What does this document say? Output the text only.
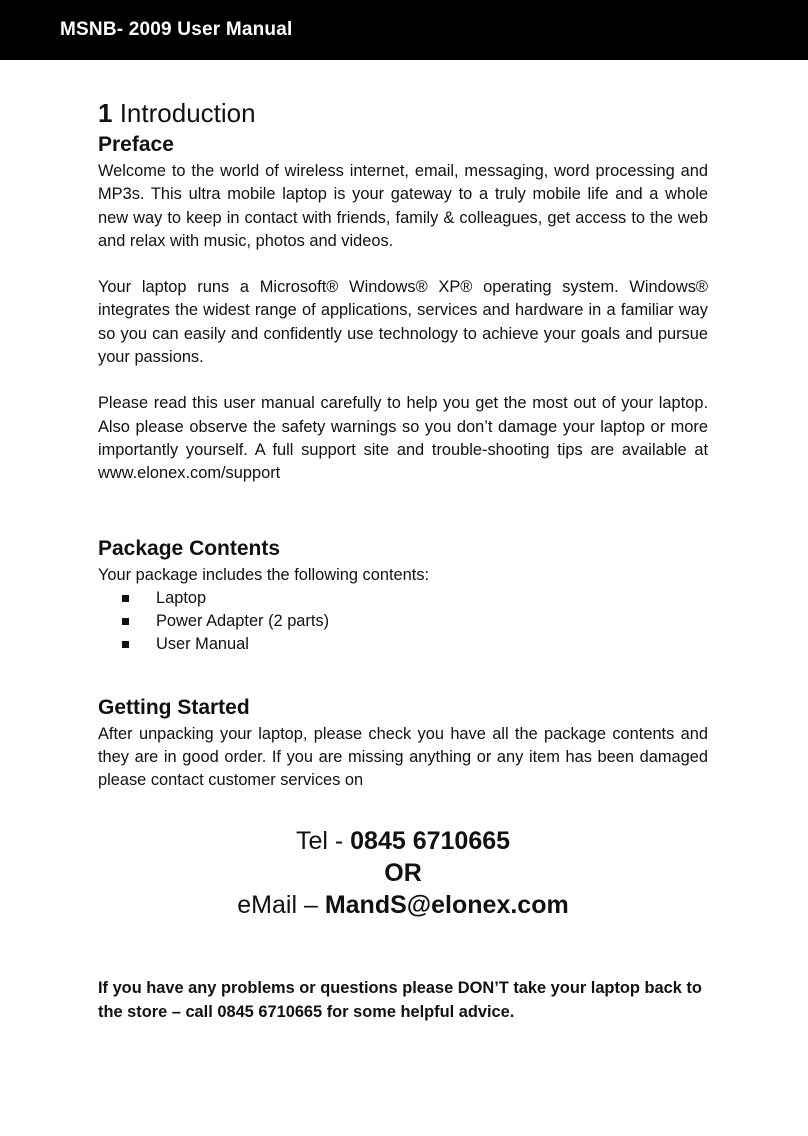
MSNB- 2009 User Manual
1 Introduction
Preface

Welcome to the world of wireless internet, email, messaging, word processing and MP3s. This ultra mobile laptop is your gateway to a truly mobile life and a whole new way to keep in contact with friends, family & colleagues, get access to the web and relax with music, photos and videos.

Your laptop runs a Microsoft® Windows® XP® operating system. Windows® integrates the widest range of applications, services and hardware in a familiar way so you can easily and confidently use technology to achieve your goals and pursue your passions.

Please read this user manual carefully to help you get the most out of your laptop. Also please observe the safety warnings so you don’t damage your laptop or more importantly yourself. A full support site and trouble-shooting tips are available at www.elonex.com/support

Package Contents

Your package includes the following contents:

Laptop
Power Adapter (2 parts)
User Manual
Getting Started

After unpacking your laptop, please check you have all the package contents and they are in good order. If you are missing anything or any item has been damaged please contact customer services on

Tel - 0845 6710665
OR
eMail – MandS@elonex.com

If you have any problems or questions please DON’T take your laptop back to the store – call 0845 6710665 for some helpful advice.
